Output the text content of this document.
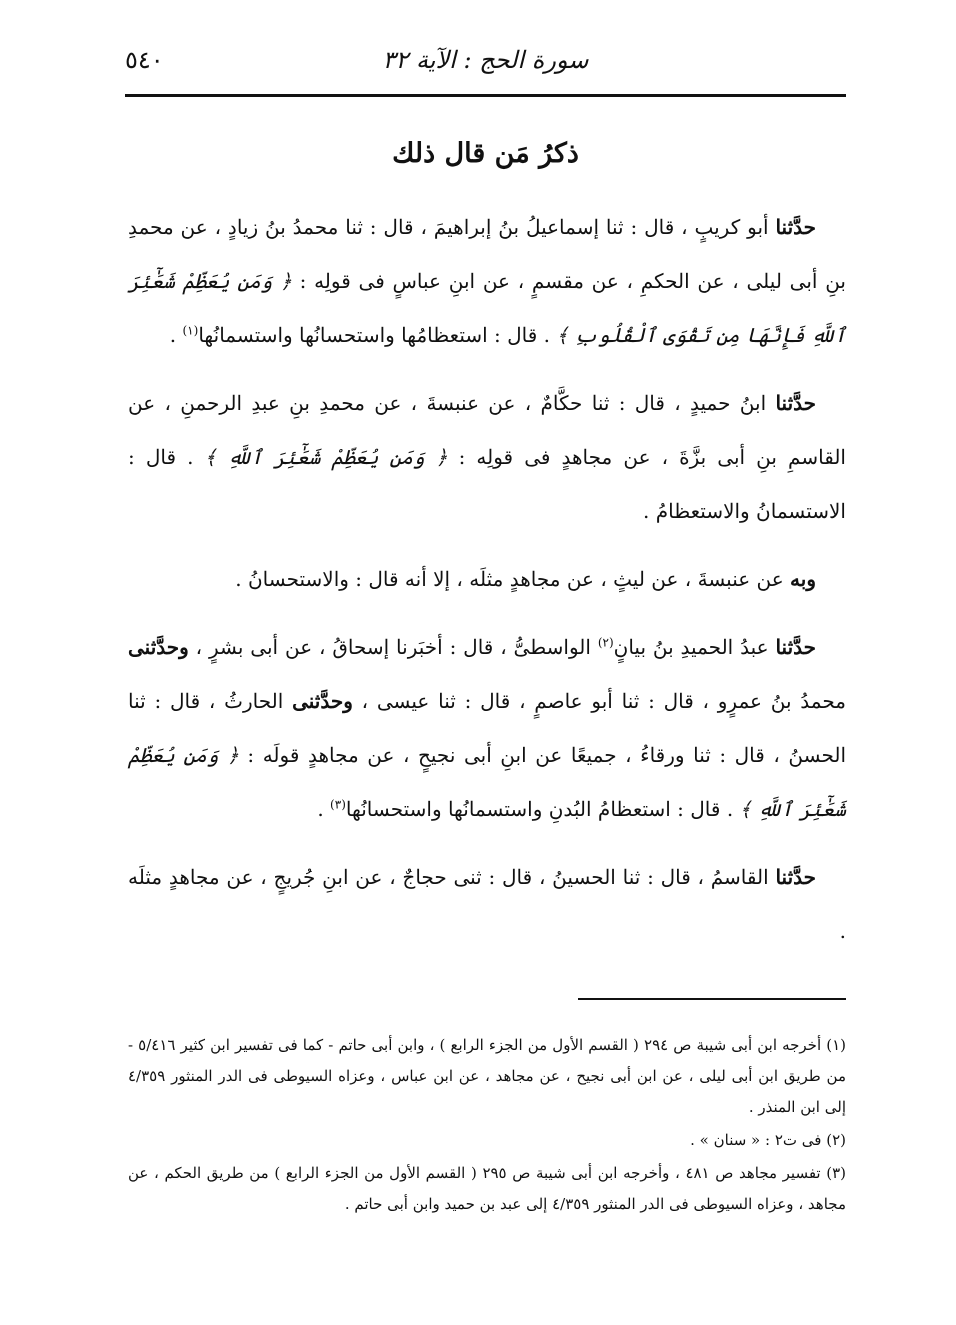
٥٤٠	سورة الحج : الآية ٣٢
ذكرُ مَن قال ذلك

حدَّثنا أبو كريبٍ ، قال : ثنا إسماعيلُ بنُ إبراهيمَ ، قال : ثنا محمدُ بنُ زيادٍ ، عن محمدِ بنِ أبى ليلى ، عن الحكمِ ، عن مقسمٍ ، عن ابنِ عباسٍ فى قولِه : ﴿ وَمَن يُعَظِّمْ شَعَٰٓئِرَ ٱللَّهِ فَإِنَّهَا مِن تَقْوَى ٱلْقُلُوبِ ﴾ . قال : استعظامُها واستحسانُها واستسمانُها$^{(١)}$ .

حدَّثنا ابنُ حميدٍ ، قال : ثنا حكَّامٌ ، عن عنبسةَ ، عن محمدِ بنِ عبدِ الرحمنِ ، عن القاسمِ بنِ أبى بزَّةَ ، عن مجاهدٍ فى قولِه : ﴿ وَمَن يُعَظِّمْ شَعَٰٓئِرَ ٱللَّهِ ﴾ . قال : الاستسمانُ والاستعظامُ .

وبه عن عنبسةَ ، عن ليثٍ ، عن مجاهدٍ مثلَه ، إلا أنه قال : والاستحسانُ .

حدَّثنا عبدُ الحميدِ بنُ بيانٍ$^{(٢)}$ الواسطىُّ ، قال : أخبَرنا إسحاقُ ، عن أبى بشرٍ ، وحدَّثنى محمدُ بنُ عمرٍو ، قال : ثنا أبو عاصمٍ ، قال : ثنا عيسى ، وحدَّثنى الحارثُ ، قال : ثنا الحسنُ ، قال : ثنا ورقاءُ ، جميعًا عن ابنِ أبى نجيحٍ ، عن مجاهدٍ قولَه : ﴿ وَمَن يُعَظِّمْ شَعَٰٓئِرَ ٱللَّهِ ﴾ . قال : استعظامُ البُدنِ واستسمانُها واستحسانُها$^{(٣)}$ .

حدَّثنا القاسمُ ، قال : ثنا الحسينُ ، قال : ثنى حجاجٌ ، عن ابنِ جُريجٍ ، عن مجاهدٍ مثلَه .

(١) أخرجه ابن أبى شيبة ص ٢٩٤ ( القسم الأول من الجزء الرابع ) ، وابن أبى حاتم - كما فى تفسير ابن كثير ٥/٤١٦ - من طريق ابن أبى ليلى ، عن ابن أبى نجيح ، عن مجاهد ، عن ابن عباس ، وعزاه السيوطى فى الدر المنثور ٤/٣٥٩ إلى ابن المنذر .

(٢) فى ت٢ : « سنان » .

(٣) تفسير مجاهد ص ٤٨١ ، وأخرجه ابن أبى شيبة ص ٢٩٥ ( القسم الأول من الجزء الرابع ) من طريق الحكم ، عن مجاهد ، وعزاه السيوطى فى الدر المنثور ٤/٣٥٩ إلى عبد بن حميد وابن أبى حاتم .
